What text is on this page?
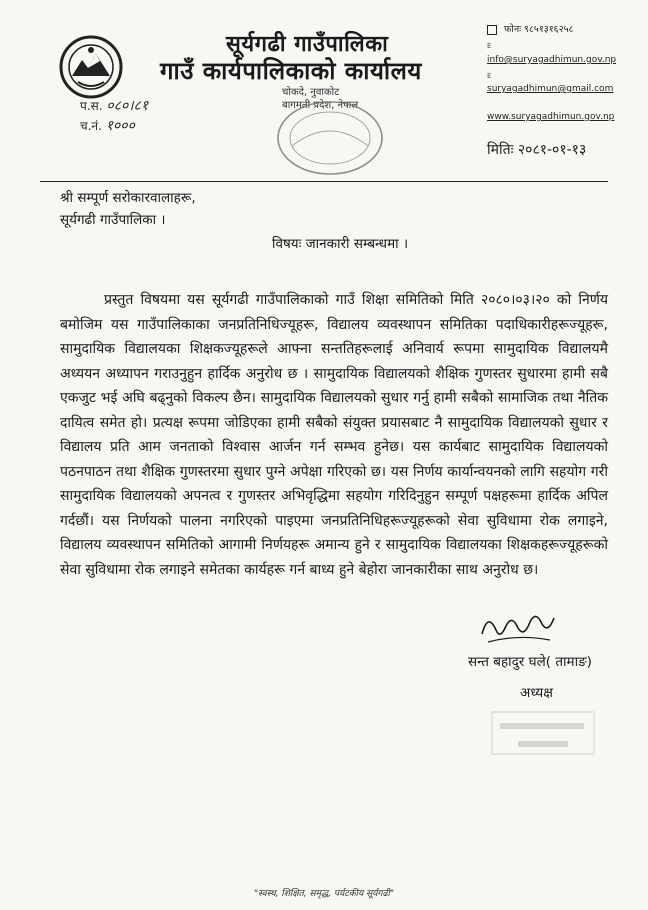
प.स. ०८०।८१
च.नं. १०००
सूर्यगढी गाउँपालिका
गाउँ कार्यपालिकाको कार्यालय
चोकदे, नुवाकोट
बागमती प्रदेश, नेपाल
फोनः ९८५१३१६२५८
E
info@suryagadhimun.gov.np
E
suryagadhimun@gmail.com
www.suryagadhimun.gov.np
मितिः २०८१-०१-१३
श्री सम्पूर्ण सरोकारवालाहरू,
सूर्यगढी गाउँपालिका ।
विषयः जानकारी सम्बन्धमा ।

प्रस्तुत विषयमा यस सूर्यगढी गाउँपालिकाको गाउँ शिक्षा समितिको मिति २०८०।०३।२० को निर्णय बमोजिम यस गाउँपालिकाका जनप्रतिनिधिज्यूहरू, विद्यालय व्यवस्थापन समितिका पदाधिकारीहरूज्यूहरू, सामुदायिक विद्यालयका शिक्षकज्यूहरूले आफ्ना सन्ततिहरूलाई अनिवार्य रूपमा सामुदायिक विद्यालयमै अध्ययन अध्यापन गराउनुहुन हार्दिक अनुरोध छ । सामुदायिक विद्यालयको शैक्षिक गुणस्तर सुधारमा हामी सबै एकजुट भई अघि बढ्नुको विकल्प छैन। सामुदायिक विद्यालयको सुधार गर्नु हामी सबैको सामाजिक तथा नैतिक दायित्व समेत हो। प्रत्यक्ष रूपमा जोडिएका हामी सबैको संयुक्त प्रयासबाट नै सामुदायिक विद्यालयको सुधार र विद्यालय प्रति आम जनताको विश्वास आर्जन गर्न सम्भव हुनेछ। यस कार्यबाट सामुदायिक विद्यालयको पठनपाठन तथा शैक्षिक गुणस्तरमा सुधार पुग्ने अपेक्षा गरिएको छ। यस निर्णय कार्यान्वयनको लागि सहयोग गरी सामुदायिक विद्यालयको अपनत्व र गुणस्तर अभिवृद्धिमा सहयोग गरिदिनुहुन सम्पूर्ण पक्षहरूमा हार्दिक अपिल गर्दछौं। यस निर्णयको पालना नगरिएको पाइएमा जनप्रतिनिधिहरूज्यूहरूको सेवा सुविधामा रोक लगाइने, विद्यालय व्यवस्थापन समितिको आगामी निर्णयहरू अमान्य हुने र सामुदायिक विद्यालयका शिक्षकहरूज्यूहरूको सेवा सुविधामा रोक लगाइने समेतका कार्यहरू गर्न बाध्य हुने बेहोरा जानकारीका साथ अनुरोध छ।

सन्त बहादुर घले( तामाङ)
अध्यक्ष
"स्वस्थ, शिक्षित, समृद्ध, पर्यटकीय सूर्यगढी"
